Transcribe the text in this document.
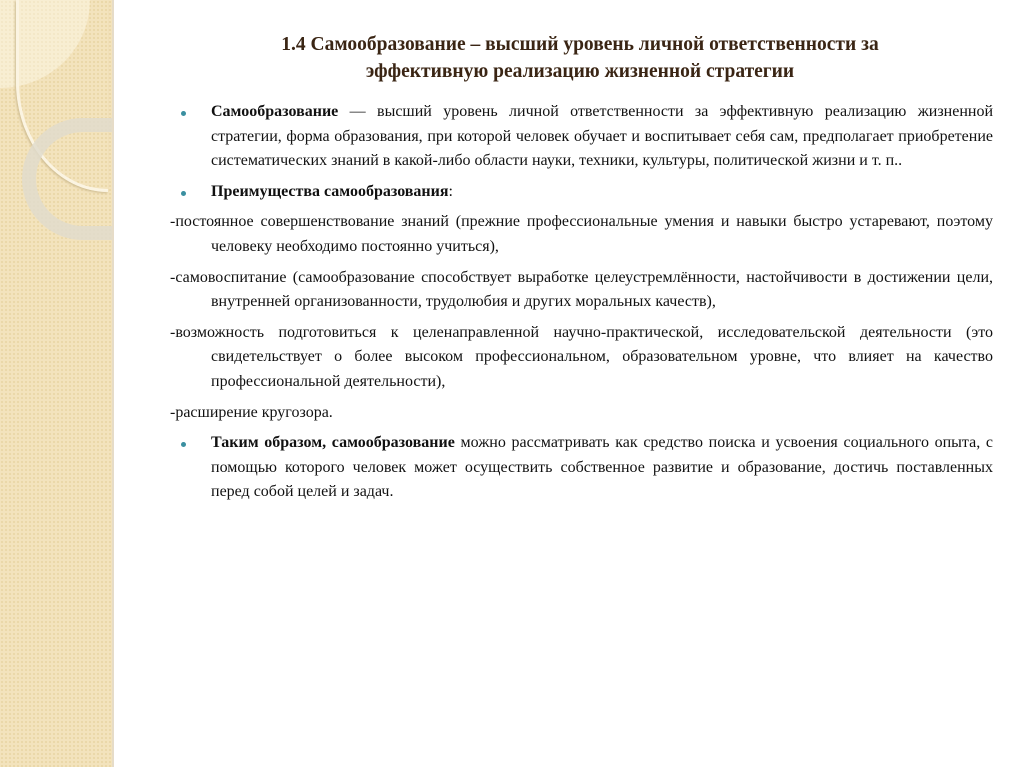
1.4 Самообразование – высший уровень личной ответственности за
эффективную реализацию жизненной стратегии
Самообразование — высший уровень личной ответственности за эффективную реализацию жизненной стратегии, форма образования, при которой человек обучает и воспитывает себя сам, предполагает приобретение систематических знаний в какой-либо области науки, техники, культуры, политической жизни и т. п..
Преимущества самообразования:
-постоянное совершенствование знаний (прежние профессиональные умения и навыки быстро устаревают, поэтому человеку необходимо постоянно учиться),
-самовоспитание (самообразование способствует выработке целеустремлённости, настойчивости в достижении цели, внутренней организованности, трудолюбия и других моральных качеств),
-возможность подготовиться к целенаправленной научно-практической, исследовательской деятельности (это свидетельствует о более высоком профессиональном, образовательном уровне, что влияет на качество профессиональной деятельности),
-расширение кругозора.
Таким образом, самообразование можно рассматривать как средство поиска и усвоения социального опыта, с помощью которого человек может осуществить собственное развитие и образование, достичь поставленных перед собой целей и задач.
